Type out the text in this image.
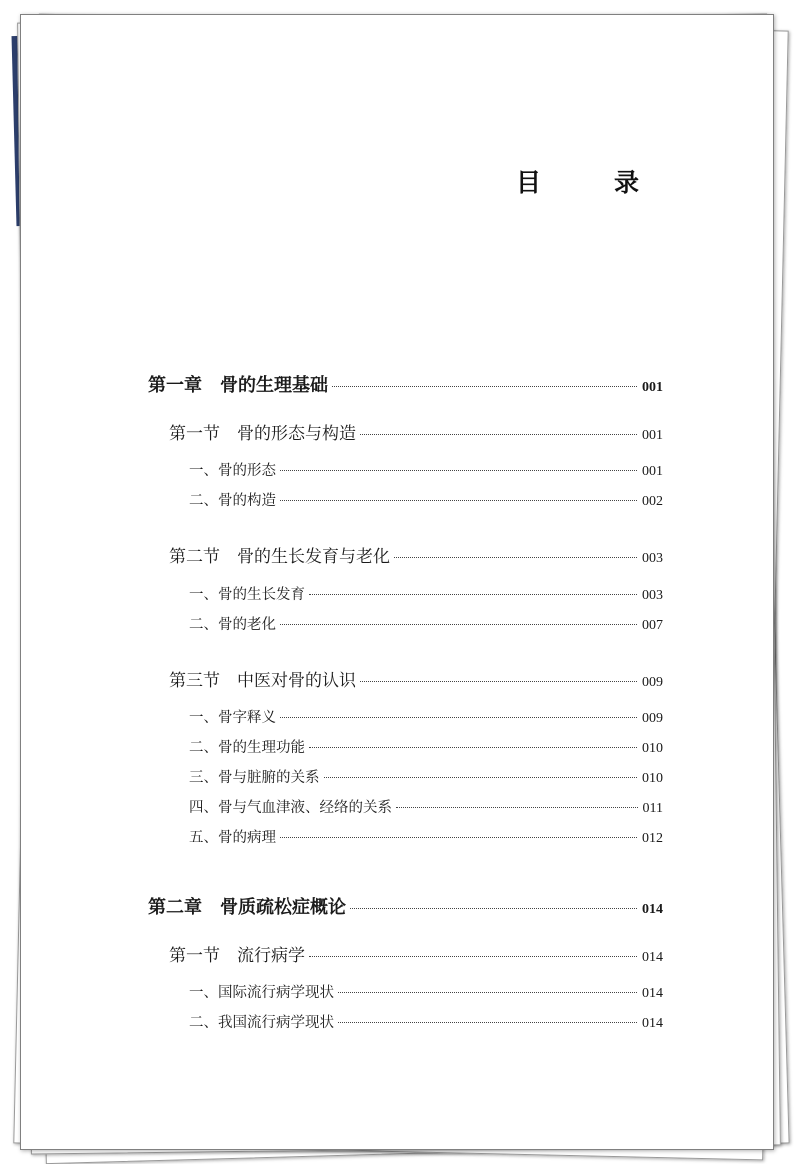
目　录
第一章　骨的生理基础	001
第一节　骨的形态与构造	001
一、骨的形态	001
二、骨的构造	002
第二节　骨的生长发育与老化	003
一、骨的生长发育	003
二、骨的老化	007
第三节　中医对骨的认识	009
一、骨字释义	009
二、骨的生理功能	010
三、骨与脏腑的关系	010
四、骨与气血津液、经络的关系	011
五、骨的病理	012
第二章　骨质疏松症概论	014
第一节　流行病学	014
一、国际流行病学现状	014
二、我国流行病学现状	014
